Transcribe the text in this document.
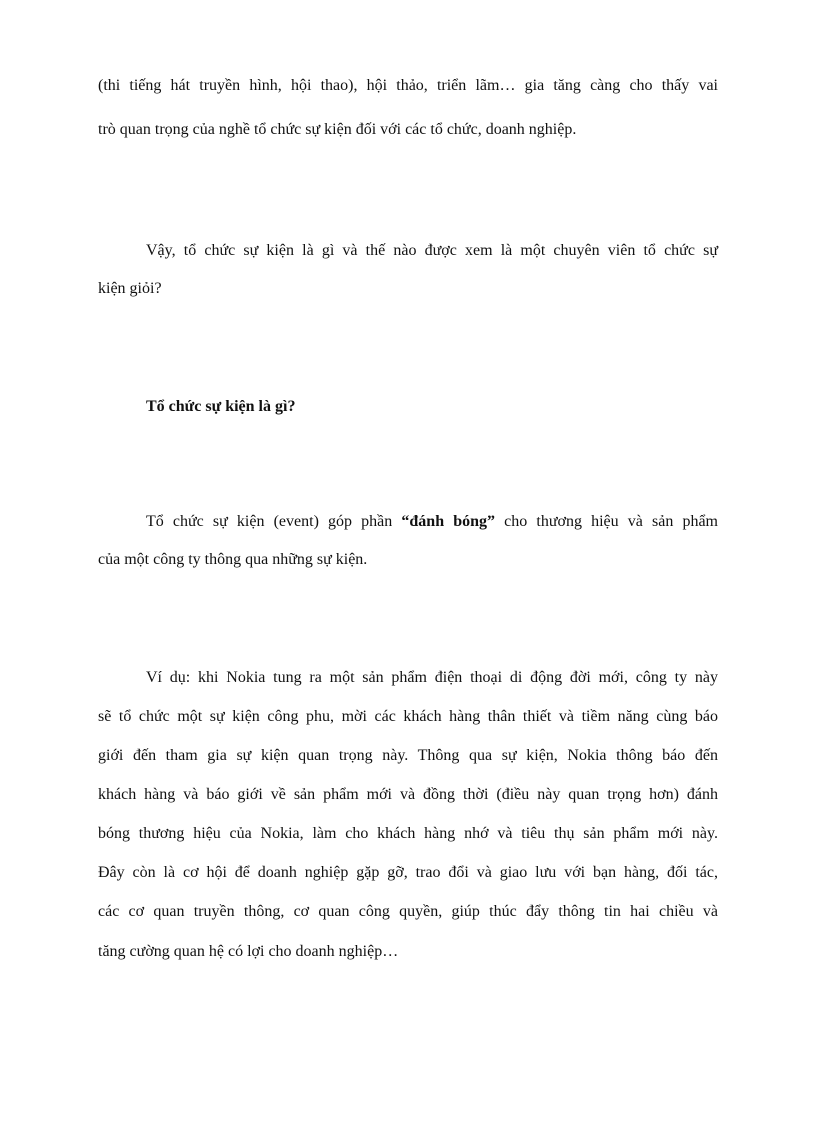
(thi tiếng hát truyền hình, hội thao), hội thảo, triển lãm… gia tăng càng cho thấy vai
trò quan trọng của nghề tổ chức sự kiện đối với các tổ chức, doanh nghiệp.
Vậy, tổ chức sự kiện là gì và thế nào được xem là một chuyên viên tổ chức sự
kiện giỏi?
Tổ chức sự kiện là gì?
Tổ chức sự kiện (event) góp phần “đánh bóng” cho thương hiệu và sản phẩm
của một công ty thông qua những sự kiện.
Ví dụ: khi Nokia tung ra một sản phẩm điện thoại di động đời mới, công ty này
sẽ tổ chức một sự kiện công phu, mời các khách hàng thân thiết và tiềm năng cùng báo
giới đến tham gia sự kiện quan trọng này. Thông qua sự kiện, Nokia thông báo đến
khách hàng và báo giới về sản phẩm mới và đồng thời (điều này quan trọng hơn) đánh
bóng thương hiệu của Nokia, làm cho khách hàng nhớ và tiêu thụ sản phẩm mới này.
Đây còn là cơ hội để doanh nghiệp gặp gỡ, trao đổi và giao lưu với bạn hàng, đối tác,
các cơ quan truyền thông, cơ quan công quyền, giúp thúc đẩy thông tin hai chiều và
tăng cường quan hệ có lợi cho doanh nghiệp…
